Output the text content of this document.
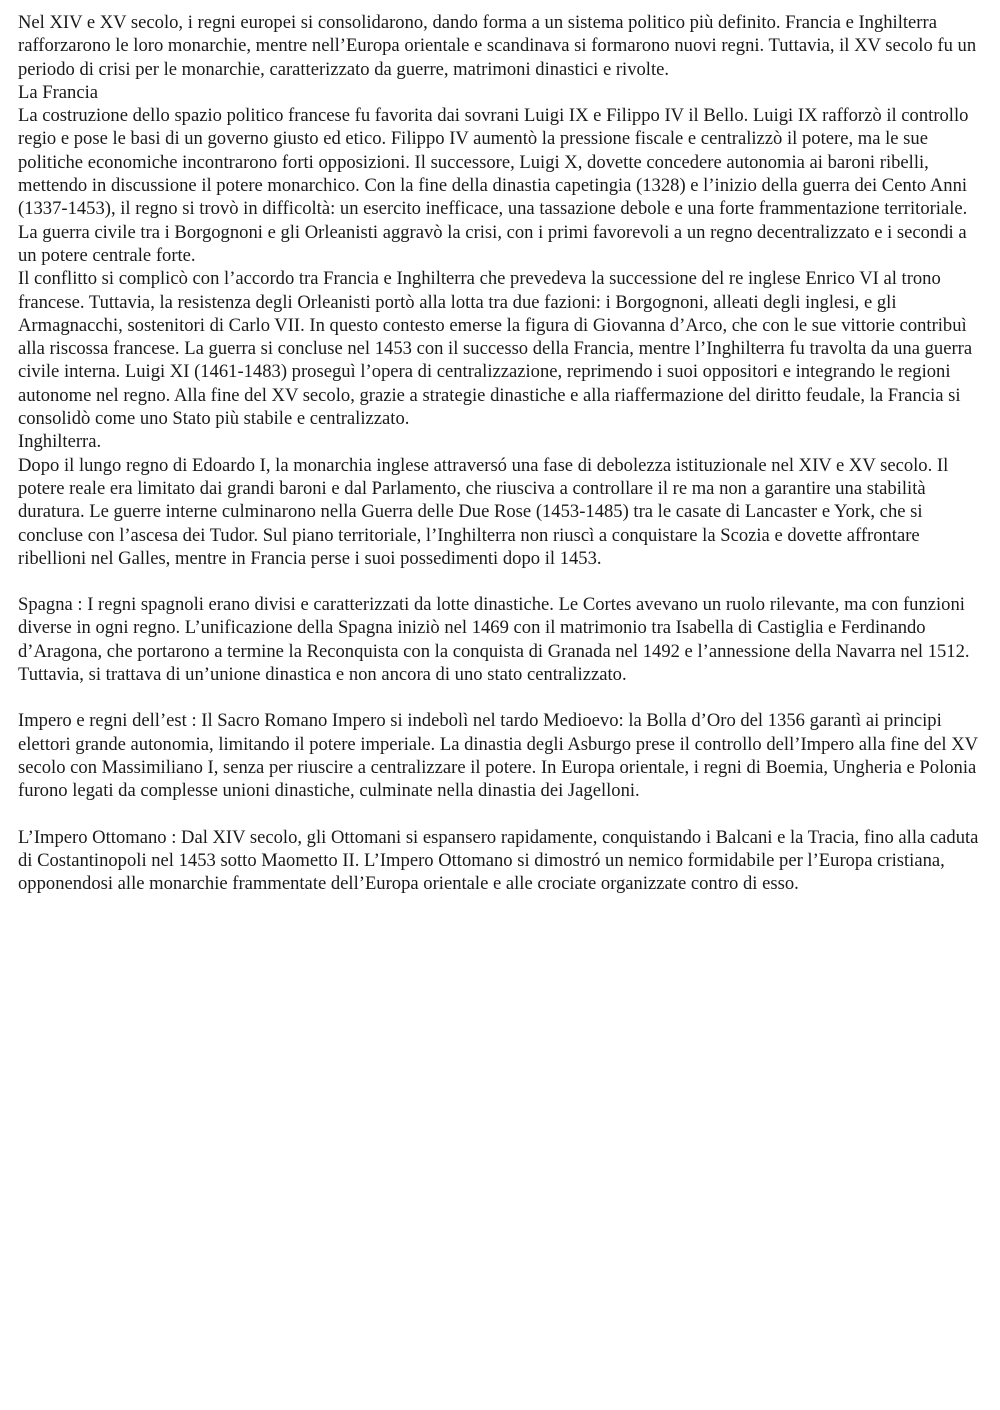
Nel XIV e XV secolo, i regni europei si consolidarono, dando forma a un sistema politico più definito. Francia e Inghilterra rafforzarono le loro monarchie, mentre nell’Europa orientale e scandinava si formarono nuovi regni. Tuttavia, il XV secolo fu un periodo di crisi per le monarchie, caratterizzato da guerre, matrimoni dinastici e rivolte.

La Francia

La costruzione dello spazio politico francese fu favorita dai sovrani Luigi IX e Filippo IV il Bello. Luigi IX rafforzò il controllo regio e pose le basi di un governo giusto ed etico. Filippo IV aumentò la pressione fiscale e centralizzò il potere, ma le sue politiche economiche incontrarono forti opposizioni. Il successore, Luigi X, dovette concedere autonomia ai baroni ribelli, mettendo in discussione il potere monarchico. Con la fine della dinastia capetingia (1328) e l’inizio della guerra dei Cento Anni (1337-1453), il regno si trovò in difficoltà: un esercito inefficace, una tassazione debole e una forte frammentazione territoriale. La guerra civile tra i Borgognoni e gli Orleanisti aggravò la crisi, con i primi favorevoli a un regno decentralizzato e i secondi a un potere centrale forte.

Il conflitto si complicò con l’accordo tra Francia e Inghilterra che prevedeva la successione del re inglese Enrico VI al trono francese. Tuttavia, la resistenza degli Orleanisti portò alla lotta tra due fazioni: i Borgognoni, alleati degli inglesi, e gli Armagnacchi, sostenitori di Carlo VII. In questo contesto emerse la figura di Giovanna d’Arco, che con le sue vittorie contribuì alla riscossa francese. La guerra si concluse nel 1453 con il successo della Francia, mentre l’Inghilterra fu travolta da una guerra civile interna. Luigi XI (1461-1483) proseguì l’opera di centralizzazione, reprimendo i suoi oppositori e integrando le regioni autonome nel regno. Alla fine del XV secolo, grazie a strategie dinastiche e alla riaffermazione del diritto feudale, la Francia si consolidò come uno Stato più stabile e centralizzato.

Inghilterra.

Dopo il lungo regno di Edoardo I, la monarchia inglese attraversó una fase di debolezza istituzionale nel XIV e XV secolo. Il potere reale era limitato dai grandi baroni e dal Parlamento, che riusciva a controllare il re ma non a garantire una stabilità  duratura. Le guerre interne culminarono nella Guerra delle Due Rose (1453-1485) tra le casate di Lancaster e York, che si concluse con l’ascesa dei Tudor. Sul piano territoriale, l’Inghilterra non riuscì a conquistare la Scozia e dovette affrontare ribellioni nel Galles, mentre in Francia perse i suoi possedimenti dopo il 1453.

Spagna : I regni spagnoli erano divisi e caratterizzati da lotte dinastiche. Le Cortes avevano un ruolo rilevante, ma con funzioni diverse in ogni regno. L’unificazione della Spagna iniziò nel 1469 con il matrimonio tra Isabella di Castiglia e Ferdinando d’Aragona, che portarono a termine la Reconquista con la conquista di Granada nel 1492 e l’annessione della Navarra nel 1512. Tuttavia, si trattava di un’unione dinastica e non ancora di uno stato centralizzato.

Impero e regni dell’est : Il Sacro Romano Impero si indebolì nel tardo Medioevo: la Bolla d’Oro del 1356 garantì ai principi elettori grande autonomia, limitando il potere imperiale. La dinastia degli Asburgo prese il controllo dell’Impero alla fine del XV secolo con Massimiliano I, senza per riuscire a centralizzare il potere. In Europa orientale, i regni di Boemia, Ungheria e Polonia furono legati da complesse unioni dinastiche, culminate nella dinastia dei Jagelloni.

L’Impero Ottomano : Dal XIV secolo, gli Ottomani si espansero rapidamente, conquistando i Balcani e la Tracia, fino alla caduta di Costantinopoli nel 1453 sotto Maometto II. L’Impero Ottomano si dimostró un nemico formidabile per l’Europa cristiana, opponendosi alle monarchie frammentate dell’Europa orientale e alle crociate organizzate contro di esso.
